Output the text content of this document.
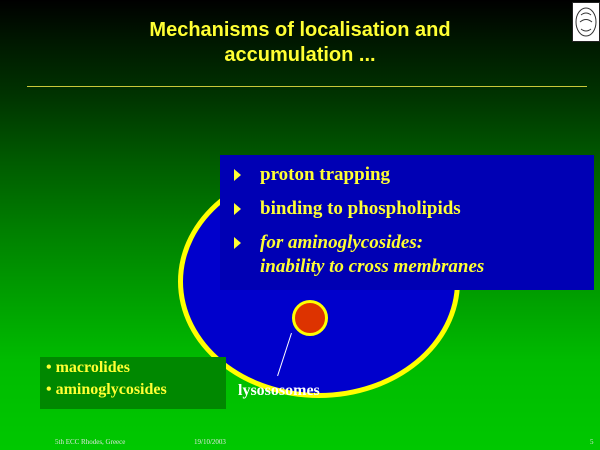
Mechanisms of localisation and
accumulation ...
proton trapping
binding to phospholipids
for aminoglycosides:
inability to cross membranes
lysososomes
• macrolides
• aminoglycosides
5th ECC Rhodes, Greece	19/10/2003	5
